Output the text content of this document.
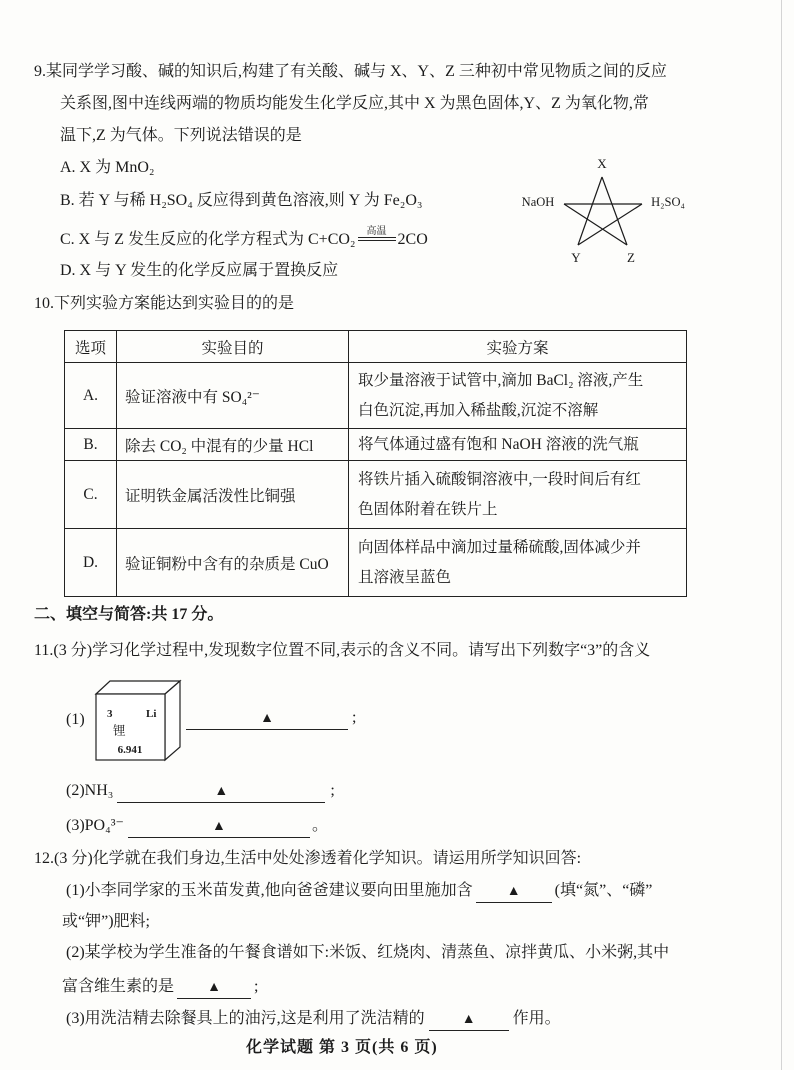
9.某同学学习酸、碱的知识后,构建了有关酸、碱与 X、Y、Z 三种初中常见物质之间的反应
关系图,图中连线两端的物质均能发生化学反应,其中 X 为黑色固体,Y、Z 为氧化物,常
温下,Z 为气体。下列说法错误的是
A. X 为 MnO₂
B. 若 Y 与稀 H₂SO₄ 反应得到黄色溶液,则 Y 为 Fe₂O₃
C. X 与 Z 发生反应的化学方程式为 C+CO₂	高温 2CO
D. X 与 Y 发生的化学反应属于置换反应
X
NaOH	H₂SO₄
Y	Z
10.下列实验方案能达到实验目的的是
选项	实验目的	实验方案
A.	验证溶液中有 SO₄²⁻	取少量溶液于试管中,滴加 BaCl₂ 溶液,产生
白色沉淀,再加入稀盐酸,沉淀不溶解

B.	除去 CO₂ 中混有的少量 HCl	将气体通过盛有饱和 NaOH 溶液的洗气瓶

C.	证明铁金属活泼性比铜强	将铁片插入硫酸铜溶液中,一段时间后有红
色固体附着在铁片上

D.	验证铜粉中含有的杂质是 CuO	向固体样品中滴加过量稀硫酸,固体减少并
且溶液呈蓝色
二、填空与简答:共 17 分。
11.(3 分)学习化学过程中,发现数字位置不同,表示的含义不同。请写出下列数字“3”的含义
(1) 3	Li
锂
6.941
▲	;
(2)NH₃	▲	;
(3)PO₄³⁻	▲	。
12.(3 分)化学就在我们身边,生活中处处渗透着化学知识。请运用所学知识回答:
(1)小李同学家的玉米苗发黄,他向爸爸建议要向田里施加含 ▲ (填“氮”、“磷”
或“钾”)肥料;
(2)某学校为学生准备的午餐食谱如下:米饭、红烧肉、清蒸鱼、凉拌黄瓜、小米粥,其中
富含维生素的是 ▲ ;
(3)用洗洁精去除餐具上的油污,这是利用了洗洁精的	▲ 作用。
化学试题 第 3 页(共 6 页)
